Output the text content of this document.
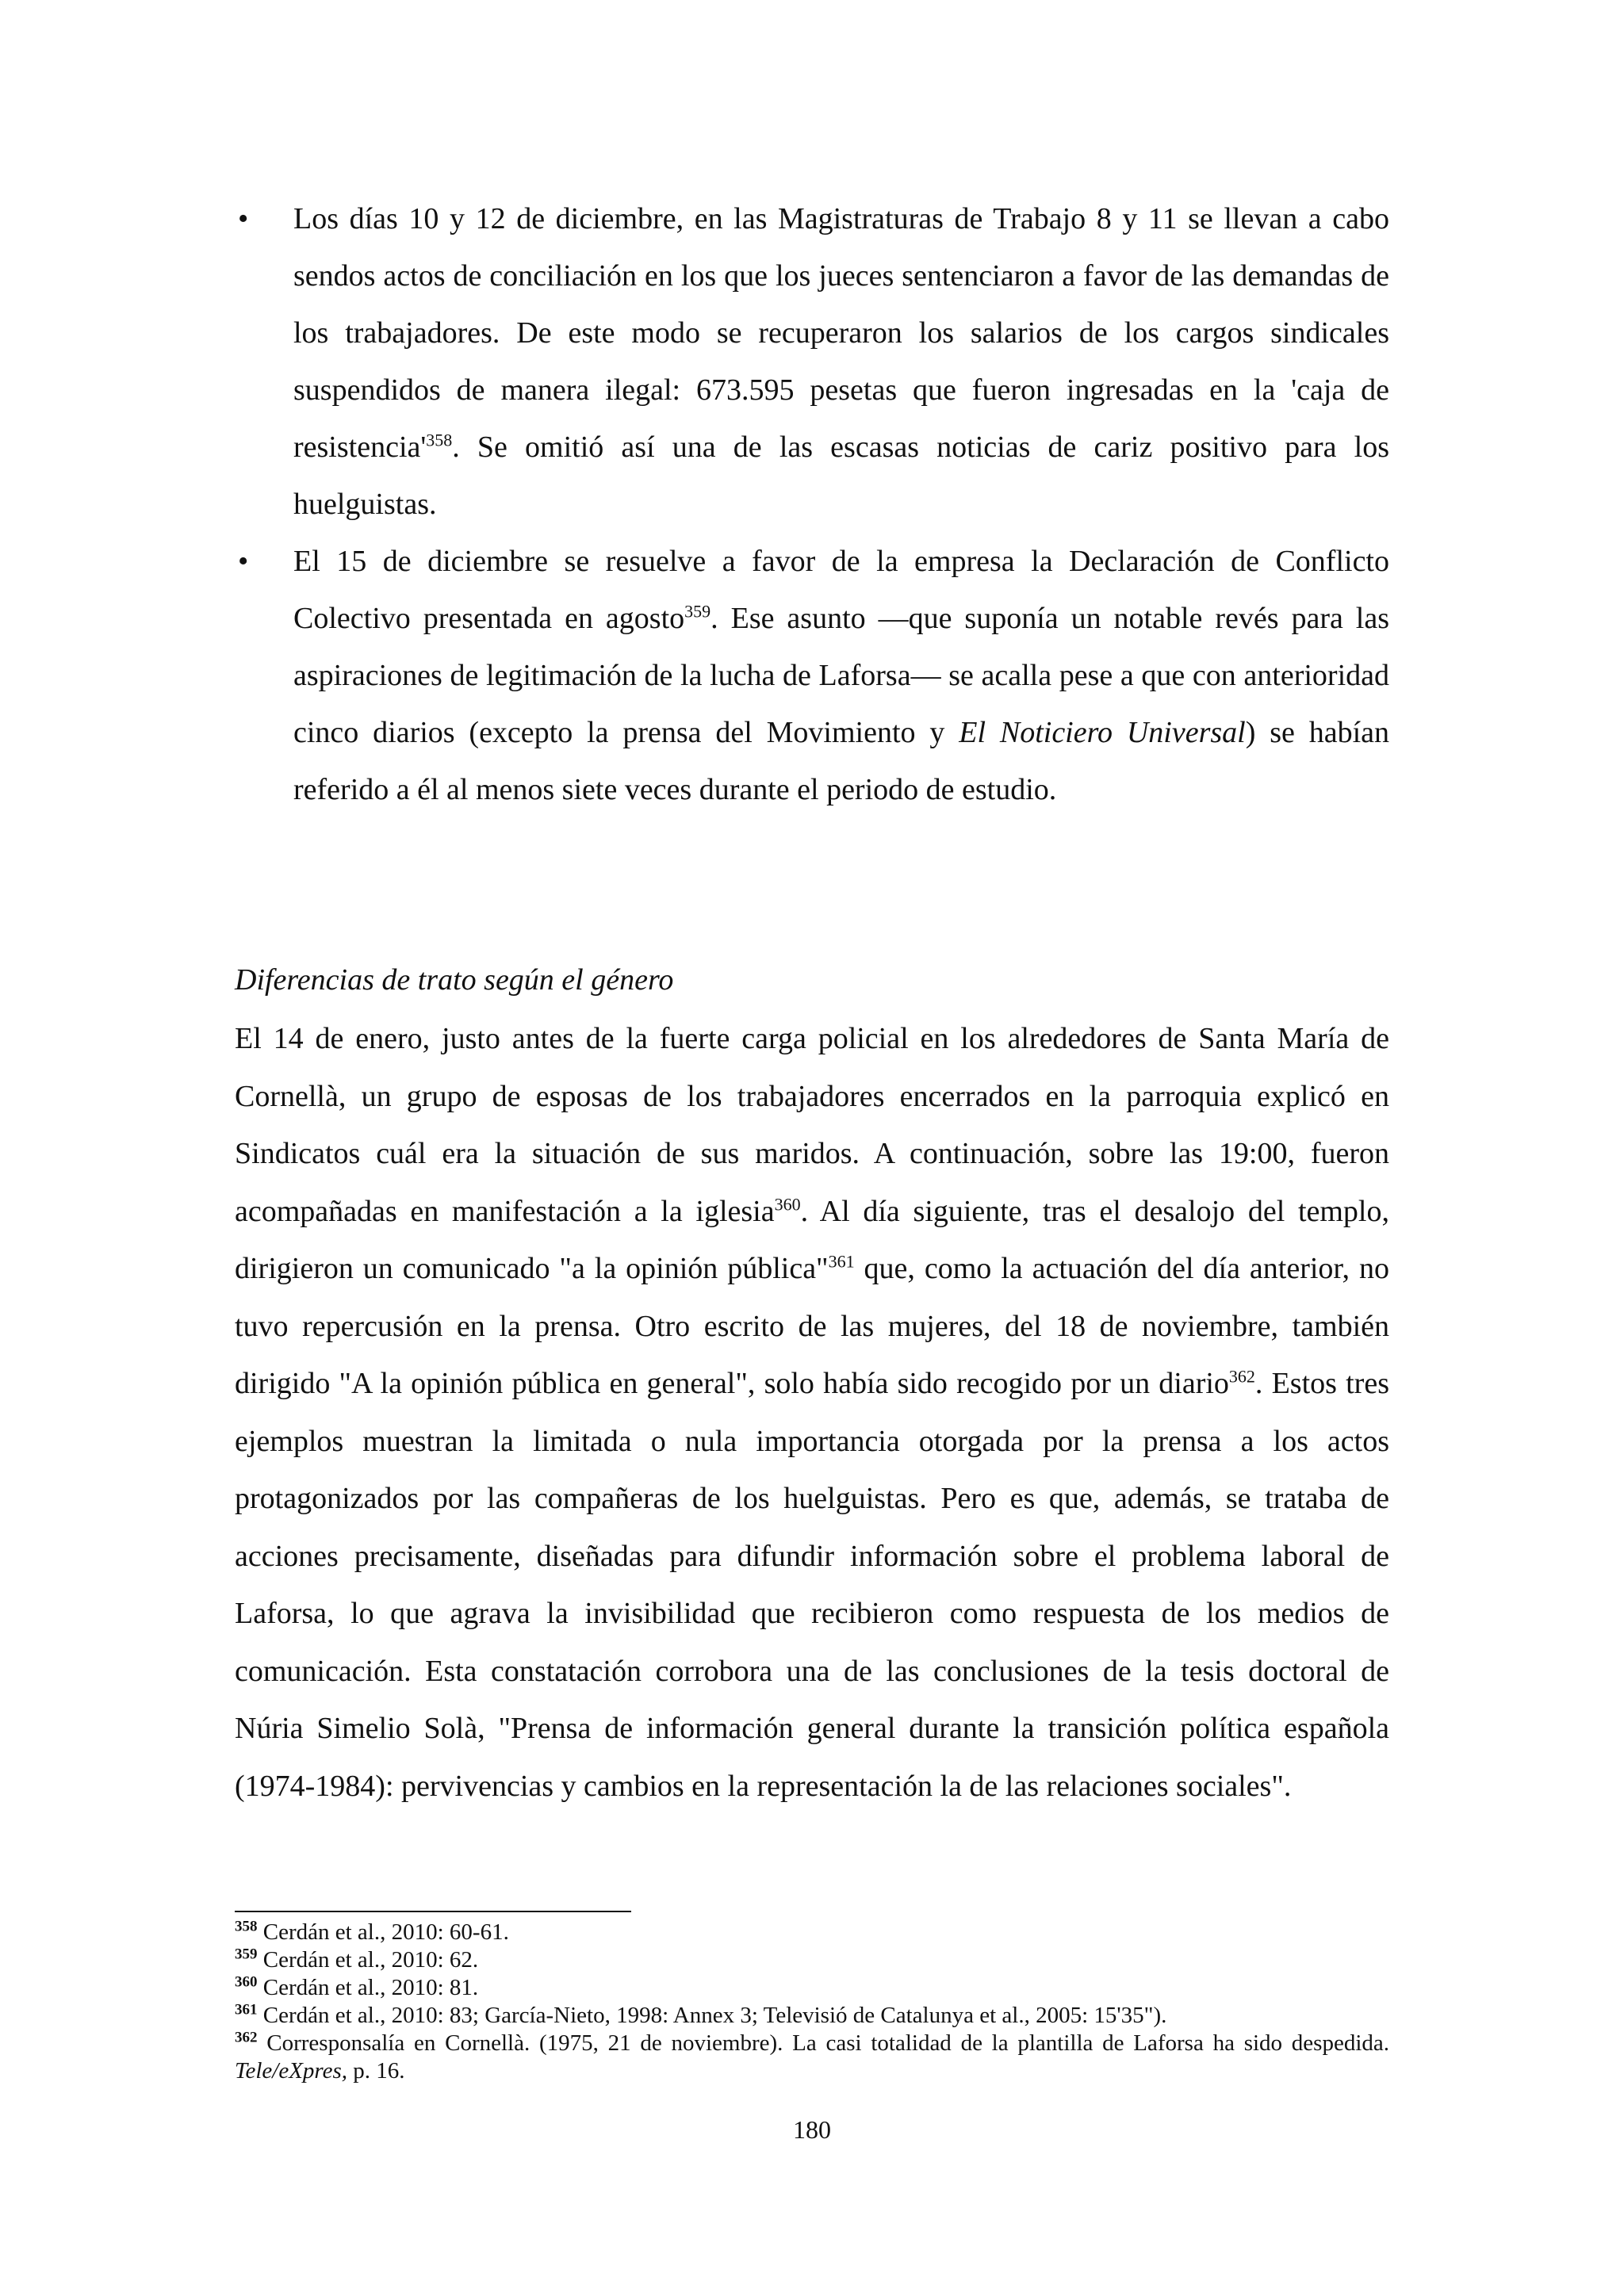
• Los días 10 y 12 de diciembre, en las Magistraturas de Trabajo 8 y 11 se llevan a cabo sendos actos de conciliación en los que los jueces sentenciaron a favor de las demandas de los trabajadores. De este modo se recuperaron los salarios de los cargos sindicales suspendidos de manera ilegal: 673.595 pesetas que fueron ingresadas en la 'caja de $resistencia'^{358}$. Se omitió así una de las escasas noticias de cariz positivo para los huelguistas.
• El 15 de diciembre se resuelve a favor de la empresa la Declaración de Conflicto Colectivo presentada en agosto$^{359}$. Ese asunto —que suponía un notable revés para las aspiraciones de legitimación de la lucha de Laforsa— se acalla pese a que con anterioridad cinco diarios (excepto la prensa del Movimiento y El Noticiero Universal) se habían referido a él al menos siete veces durante el periodo de estudio.

Diferencias de trato según el género

El 14 de enero, justo antes de la fuerte carga policial en los alrededores de Santa María de Cornellà, un grupo de esposas de los trabajadores encerrados en la parroquia explicó en Sindicatos cuál era la situación de sus maridos. A continuación, sobre las 19:00, fueron acompañadas en manifestación a la iglesia$^{360}$. Al día siguiente, tras el desalojo del templo, dirigieron un comunicado "a la opinión pública"$^{361}$ que, como la actuación del día anterior, no tuvo repercusión en la prensa. Otro escrito de las mujeres, del 18 de noviembre, también dirigido "A la opinión pública en general", solo había sido recogido por un diario$^{362}$. Estos tres ejemplos muestran la limitada o nula importancia otorgada por la prensa a los actos protagonizados por las compañeras de los huelguistas. Pero es que, además, se trataba de acciones precisamente, diseñadas para difundir información sobre el problema laboral de Laforsa, lo que agrava la invisibilidad que recibieron como respuesta de los medios de comunicación. Esta constatación corrobora una de las conclusiones de la tesis doctoral de Núria Simelio Solà, "Prensa de información general durante la transición política española (1974-1984): pervivencias y cambios en la representación la de las relaciones sociales".

$^{358}$ Cerdán et al., 2010: 60-61.
$^{359}$ Cerdán et al., 2010: 62.
$^{360}$ Cerdán et al., 2010: 81.
$^{361}$ Cerdán et al., 2010: 83; García-Nieto, 1998: Annex 3; Televisió de Catalunya et al., 2005: 15'35").
$^{362}$ Corresponsalía en Cornellà. (1975, 21 de noviembre). La casi totalidad de la plantilla de Laforsa ha sido despedida. Tele/eXpres, p. 16.
180
